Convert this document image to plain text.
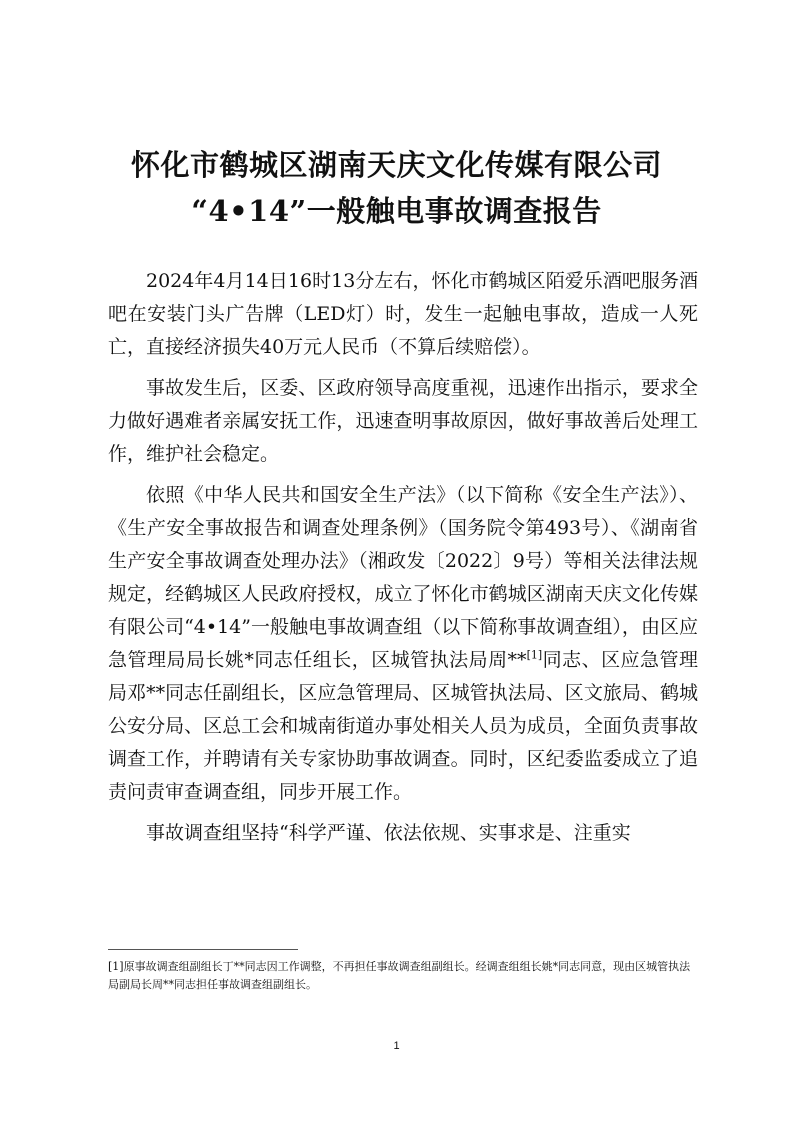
怀化市鹤城区湖南天庆文化传媒有限公司
“4•14”一般触电事故调查报告

2024年4月14日16时13分左右，怀化市鹤城区陌爱乐酒吧服务酒吧在安装门头广告牌（LED灯）时，发生一起触电事故，造成一人死亡，直接经济损失40万元人民币（不算后续赔偿）。

事故发生后，区委、区政府领导高度重视，迅速作出指示，要求全力做好遇难者亲属安抚工作，迅速查明事故原因，做好事故善后处理工作，维护社会稳定。

依照《中华人民共和国安全生产法》（以下简称《安全生产法》）、《生产安全事故报告和调查处理条例》（国务院令第493号）、《湖南省生产安全事故调查处理办法》（湘政发〔2022〕9号）等相关法律法规规定，经鹤城区人民政府授权，成立了怀化市鹤城区湖南天庆文化传媒有限公司“4•14”一般触电事故调查组（以下简称事故调查组），由区应急管理局局长姚*同志任组长，区城管执法局周**[1]同志、区应急管理局邓**同志任副组长，区应急管理局、区城管执法局、区文旅局、鹤城公安分局、区总工会和城南街道办事处相关人员为成员，全面负责事故调查工作，并聘请有关专家协助事故调查。同时，区纪委监委成立了追责问责审查调查组，同步开展工作。

事故调查组坚持“科学严谨、依法依规、实事求是、注重实

[1]原事故调查组副组长丁**同志因工作调整，不再担任事故调查组副组长。经调查组组长姚*同志同意，现由区城管执法局副局长周**同志担任事故调查组副组长。

1
